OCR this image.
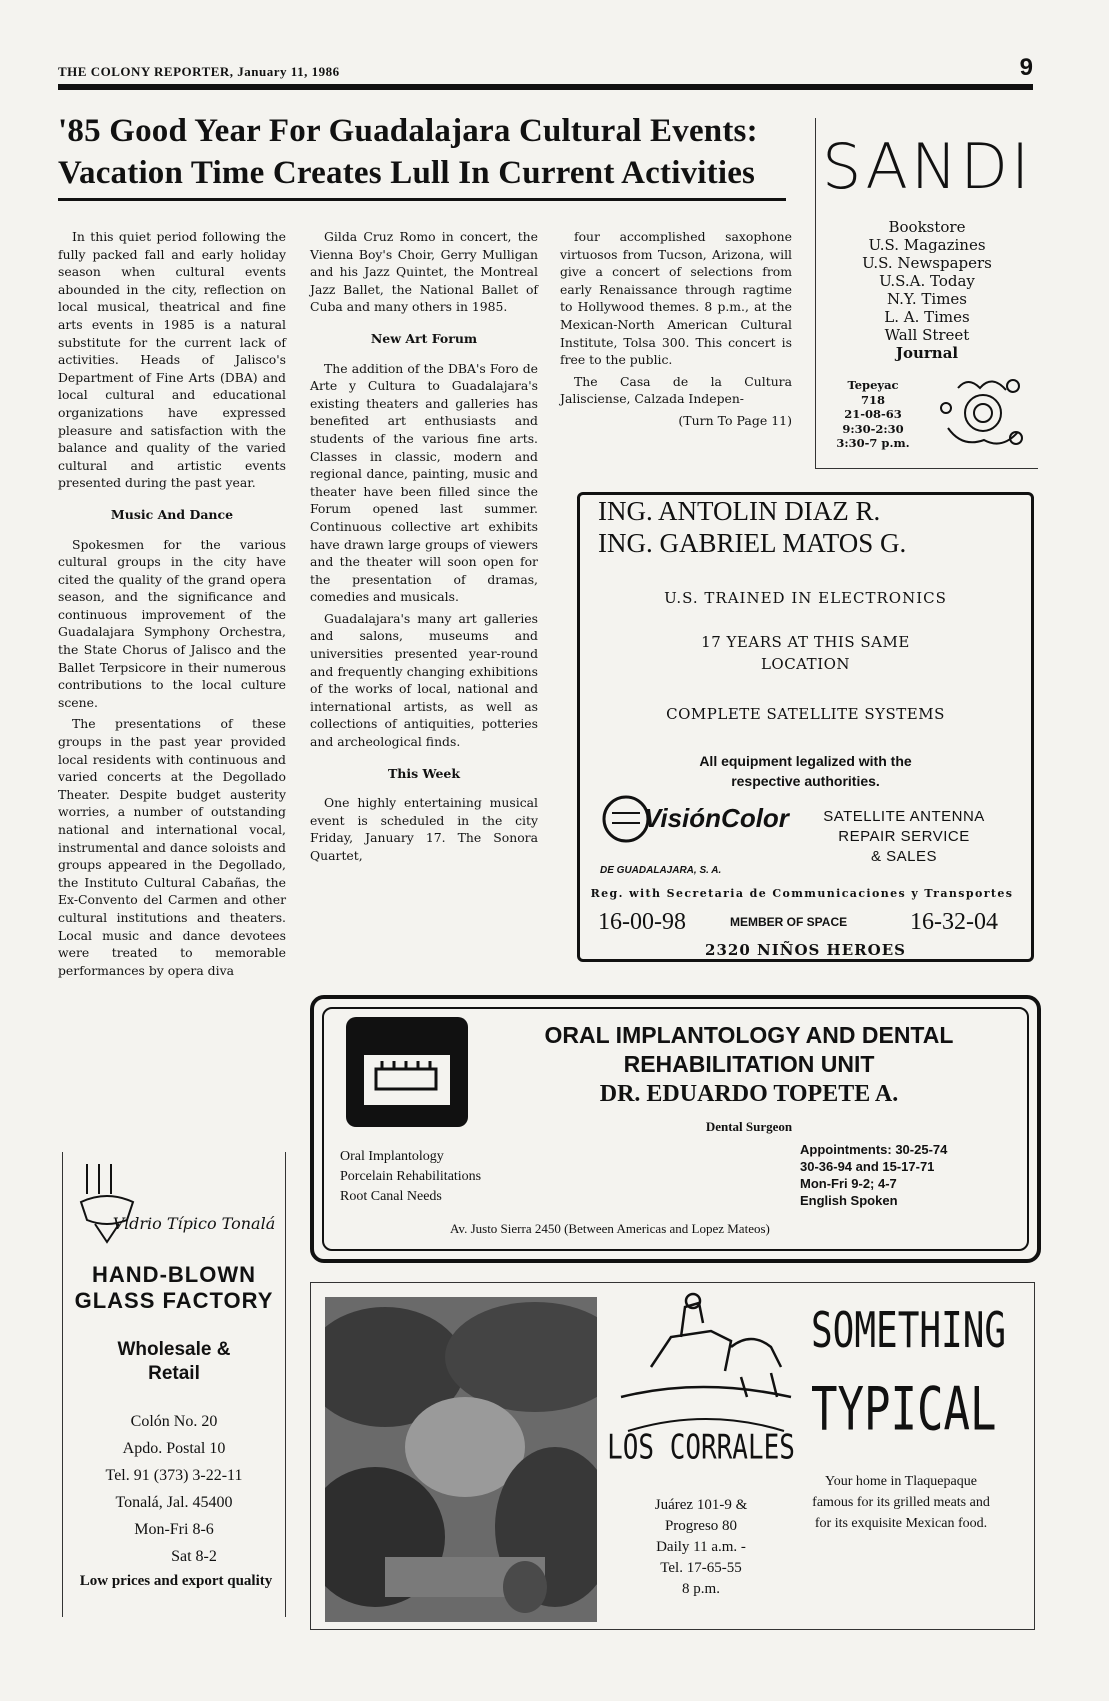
THE COLONY REPORTER, January 11, 1986	9
'85 Good Year For Guadalajara Cultural Events:
Vacation Time Creates Lull In Current Activities

In this quiet period following the fully packed fall and early holiday season when cultural events abounded in the city, reflection on local musical, theatrical and fine arts events in 1985 is a natural substitute for the current lack of activities. Heads of Jalisco's Department of Fine Arts (DBA) and local cultural and educational organizations have expressed pleasure and satisfaction with the balance and quality of the varied cultural and artistic events presented during the past year.

Music And Dance

Spokesmen for the various cultural groups in the city have cited the quality of the grand opera season, and the significance and continuous improvement of the Guadalajara Symphony Orchestra, the State Chorus of Jalisco and the Ballet Terpsicore in their numerous contributions to the local culture scene.

The presentations of these groups in the past year provided local residents with continuous and varied concerts at the Degollado Theater. Despite budget austerity worries, a number of outstanding national and international vocal, instrumental and dance soloists and groups appeared in the Degollado, the Instituto Cultural Cabañas, the Ex-Convento del Carmen and other cultural institutions and theaters. Local music and dance devotees were treated to memorable performances by opera diva

Gilda Cruz Romo in concert, the Vienna Boy's Choir, Gerry Mulligan and his Jazz Quintet, the Montreal Jazz Ballet, the National Ballet of Cuba and many others in 1985.

New Art Forum

The addition of the DBA's Foro de Arte y Cultura to Guadalajara's existing theaters and galleries has benefited art enthusiasts and students of the various fine arts. Classes in classic, modern and regional dance, painting, music and theater have been filled since the Forum opened last summer. Continuous collective art exhibits have drawn large groups of viewers and the theater will soon open for the presentation of dramas, comedies and musicals.

Guadalajara's many art galleries and salons, museums and universities presented year-round and frequently changing exhibitions of the works of local, national and international artists, as well as collections of antiquities, potteries and archeological finds.

This Week

One highly entertaining musical event is scheduled in the city Friday, January 17. The Sonora Quartet,

four accomplished saxophone virtuosos from Tucson, Arizona, will give a concert of selections from early Renaissance through ragtime to Hollywood themes. 8 p.m., at the Mexican-North American Cultural Institute, Tolsa 300. This concert is free to the public.

The Casa de la Cultura Jalisciense, Calzada Indepen-

(Turn To Page 11)
SANDI
Bookstore
U.S. Magazines
U.S. Newspapers
U.S.A. Today
N.Y. Times
L. A. Times
Wall Street
Journal
Tepeyac
718
21-08-63
9:30-2:30
3:30-7 p.m.
ING. ANTOLIN DIAZ R.
ING. GABRIEL MATOS G.
U.S. TRAINED IN ELECTRONICS
17 YEARS AT THIS SAME
LOCATION
COMPLETE SATELLITE SYSTEMS
All equipment legalized with the
respective authorities.
VisiónColor
DE GUADALAJARA, S. A.
SATELLITE ANTENNA
REPAIR SERVICE
& SALES
Reg. with Secretaria de Communicaciones y Transportes
16-00-98	MEMBER OF SPACE	16-32-04
2320 NIÑOS HEROES
ORAL IMPLANTOLOGY AND DENTAL
REHABILITATION UNIT
DR. EDUARDO TOPETE A.
Dental Surgeon
Oral Implantology
Porcelain Rehabilitations
Root Canal Needs
Appointments: 30-25-74
30-36-94 and 15-17-71
Mon-Fri 9-2; 4-7
English Spoken
Av. Justo Sierra 2450 (Between Americas and Lopez Mateos)
Vidrio Típico Tonalá
HAND-BLOWN
GLASS FACTORY
Wholesale &
Retail
Colón No. 20
Apdo. Postal 10
Tel. 91 (373) 3-22-11
Tonalá, Jal. 45400
Mon-Fri 8-6
Sat 8-2
Low prices and export quality
LOS CORRALES
Juárez 101-9 &
Progreso 80
Daily 11 a.m. -
Tel. 17-65-55
8 p.m.
SOMETHING
TYPICAL
Your home in Tlaquepaque famous for its grilled meats and for its exquisite Mexican food.
